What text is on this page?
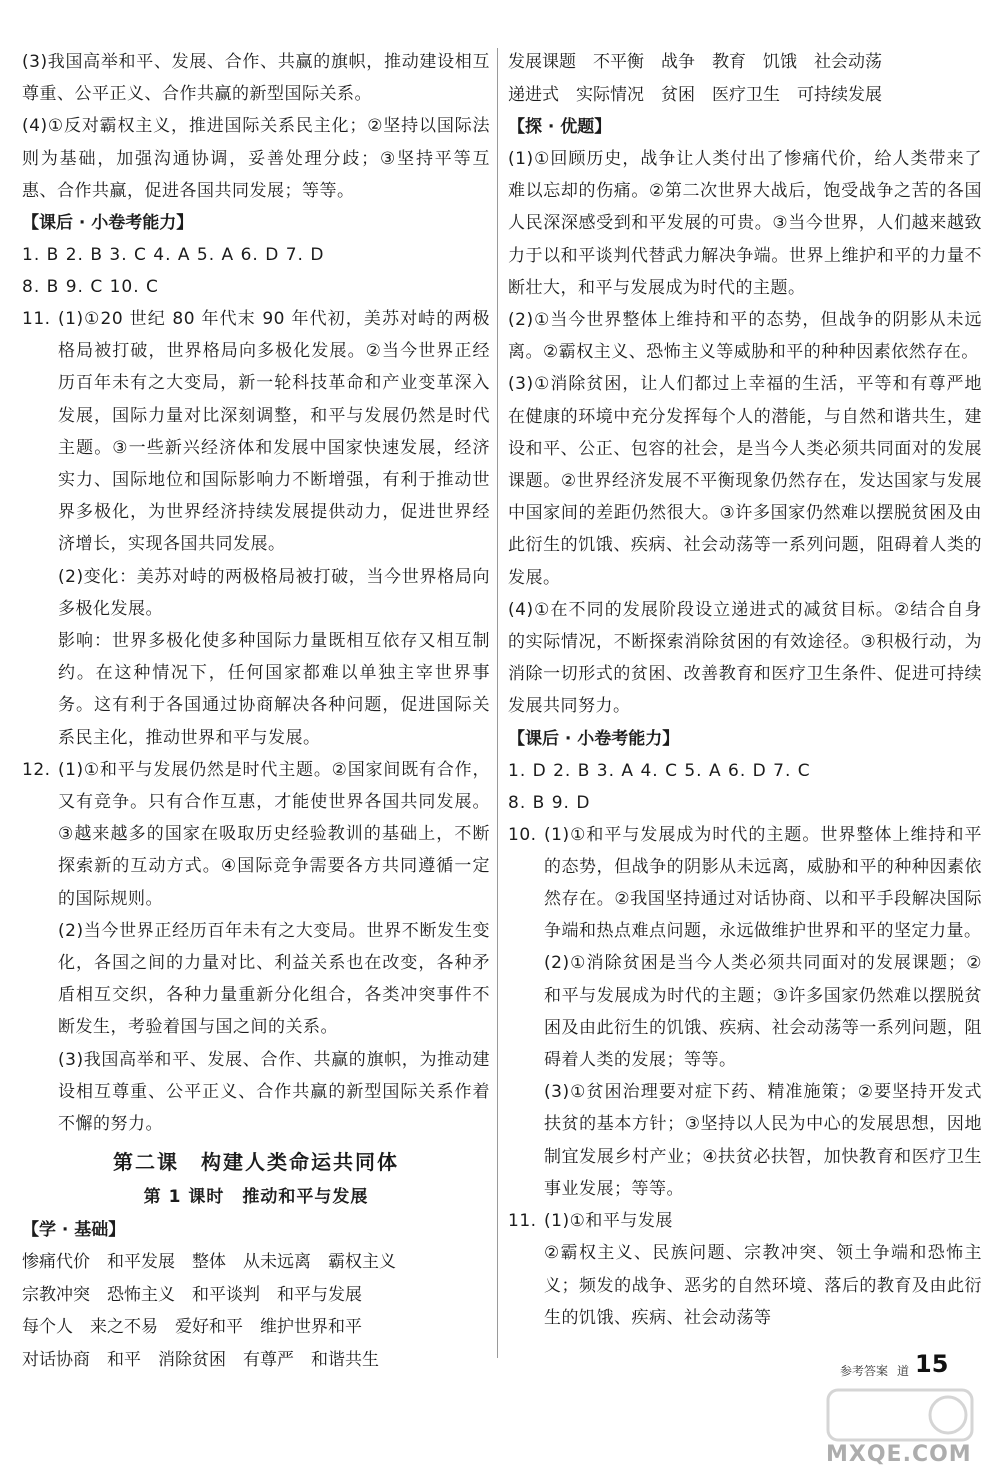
(3)我国高举和平、发展、合作、共赢的旗帜，推动建设相互尊重、公平正义、合作共赢的新型国际关系。

(4)①反对霸权主义，推进国际关系民主化；②坚持以国际法则为基础，加强沟通协调，妥善处理分歧；③坚持平等互惠、合作共赢，促进各国共同发展；等等。

【课后 · 小卷考能力】

1. B 2. B 3. C 4. A 5. A 6. D 7. D

8. B 9. C 10. C

11. (1)①20 世纪 80 年代末 90 年代初，美苏对峙的两极格局被打破，世界格局向多极化发展。②当今世界正经历百年未有之大变局，新一轮科技革命和产业变革深入发展，国际力量对比深刻调整，和平与发展仍然是时代主题。③一些新兴经济体和发展中国家快速发展，经济实力、国际地位和国际影响力不断增强，有利于推动世界多极化，为世界经济持续发展提供动力，促进世界经济增长，实现各国共同发展。

(2)变化：美苏对峙的两极格局被打破，当今世界格局向多极化发展。

影响：世界多极化使多种国际力量既相互依存又相互制约。在这种情况下，任何国家都难以单独主宰世界事务。这有利于各国通过协商解决各种问题，促进国际关系民主化，推动世界和平与发展。

12. (1)①和平与发展仍然是时代主题。②国家间既有合作，又有竞争。只有合作互惠，才能使世界各国共同发展。③越来越多的国家在吸取历史经验教训的基础上，不断探索新的互动方式。④国际竞争需要各方共同遵循一定的国际规则。

(2)当今世界正经历百年未有之大变局。世界不断发生变化，各国之间的力量对比、利益关系也在改变，各种矛盾相互交织，各种力量重新分化组合，各类冲突事件不断发生，考验着国与国之间的关系。

(3)我国高举和平、发展、合作、共赢的旗帜，为推动建设相互尊重、公平正义、合作共赢的新型国际关系作着不懈的努力。

第二课　构建人类命运共同体

第 1 课时　推动和平与发展

【学 · 基础】

惨痛代价　和平发展　整体　从未远离　霸权主义

宗教冲突　恐怖主义　和平谈判　和平与发展

每个人　来之不易　爱好和平　维护世界和平

对话协商　和平　消除贫困　有尊严　和谐共生

发展课题　不平衡　战争　教育　饥饿　社会动荡

递进式　实际情况　贫困　医疗卫生　可持续发展

【探 · 优题】

(1)①回顾历史，战争让人类付出了惨痛代价，给人类带来了难以忘却的伤痛。②第二次世界大战后，饱受战争之苦的各国人民深深感受到和平发展的可贵。③当今世界，人们越来越致力于以和平谈判代替武力解决争端。世界上维护和平的力量不断壮大，和平与发展成为时代的主题。

(2)①当今世界整体上维持和平的态势，但战争的阴影从未远离。②霸权主义、恐怖主义等威胁和平的种种因素依然存在。

(3)①消除贫困，让人们都过上幸福的生活，平等和有尊严地在健康的环境中充分发挥每个人的潜能，与自然和谐共生，建设和平、公正、包容的社会，是当今人类必须共同面对的发展课题。②世界经济发展不平衡现象仍然存在，发达国家与发展中国家间的差距仍然很大。③许多国家仍然难以摆脱贫困及由此衍生的饥饿、疾病、社会动荡等一系列问题，阻碍着人类的发展。

(4)①在不同的发展阶段设立递进式的减贫目标。②结合自身的实际情况，不断探索消除贫困的有效途径。③积极行动，为消除一切形式的贫困、改善教育和医疗卫生条件、促进可持续发展共同努力。

【课后 · 小卷考能力】

1. D 2. B 3. A 4. C 5. A 6. D 7. C

8. B 9. D

10. (1)①和平与发展成为时代的主题。世界整体上维持和平的态势，但战争的阴影从未远离，威胁和平的种种因素依然存在。②我国坚持通过对话协商、以和平手段解决国际争端和热点难点问题，永远做维护世界和平的坚定力量。

(2)①消除贫困是当今人类必须共同面对的发展课题；②和平与发展成为时代的主题；③许多国家仍然难以摆脱贫困及由此衍生的饥饿、疾病、社会动荡等一系列问题，阻碍着人类的发展；等等。

(3)①贫困治理要对症下药、精准施策；②要坚持开发式扶贫的基本方针；③坚持以人民为中心的发展思想，因地制宜发展乡村产业；④扶贫必扶智，加快教育和医疗卫生事业发展；等等。

11. (1)①和平与发展

②霸权主义、民族问题、宗教冲突、领土争端和恐怖主义；频发的战争、恶劣的自然环境、落后的教育及由此衍生的饥饿、疾病、社会动荡等

参考答案 道 15
MXQE.COM
